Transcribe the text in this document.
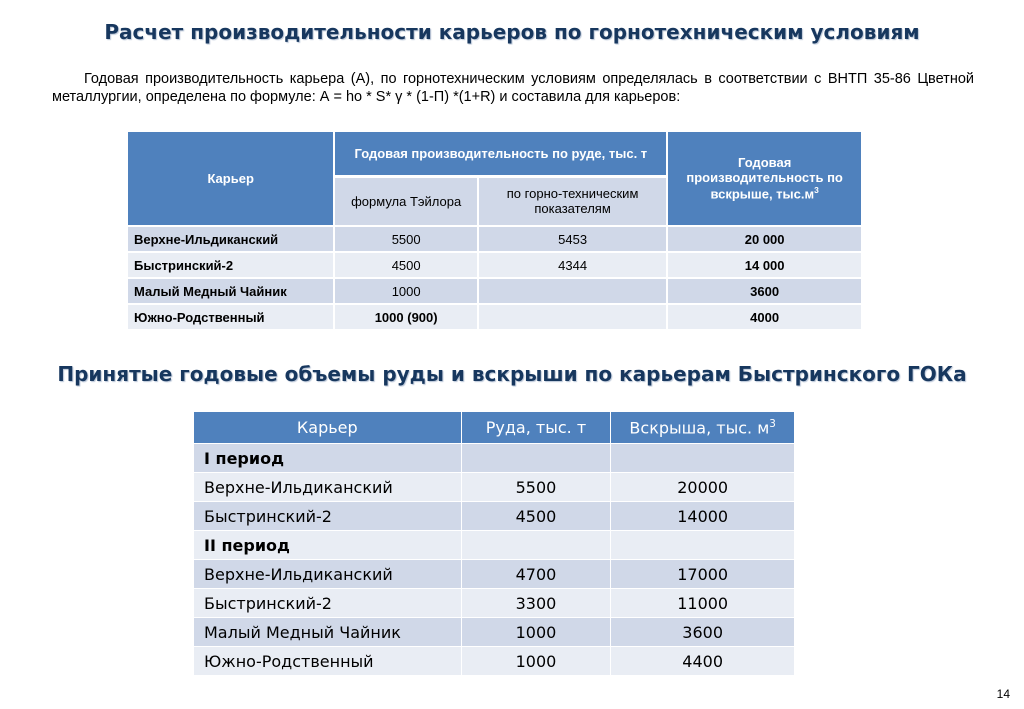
Расчет производительности карьеров по горнотехническим условиям
Годовая производительность карьера (А), по горнотехническим условиям определялась в соответствии с ВНТП 35-86 Цветной металлургии, определена по формуле: А = hо * S* γ * (1-П) *(1+R) и составила для карьеров:
Карьер	Годовая производительность по руде, тыс. т		Годовая производительность по вскрыше, $тыс.м^3$
	формула Тэйлора	по горно-техническим показателям	
Верхне-Ильдиканский	5500	5453	20 000
Быстринский-2	4500	4344	14 000
Малый Медный Чайник	1000		3600
Южно-Родственный	1000 (900)		4000
Принятые годовые объемы руды и вскрыши по карьерам Быстринского ГОКа
Карьер	Руда, тыс. т	Вскрыша, тыс. $м^3$
I период		
Верхне-Ильдиканский	5500	20000
Быстринский-2	4500	14000
II период		
Верхне-Ильдиканский	4700	17000
Быстринский-2	3300	11000
Малый Медный Чайник	1000	3600
Южно-Родственный	1000	4400
14
